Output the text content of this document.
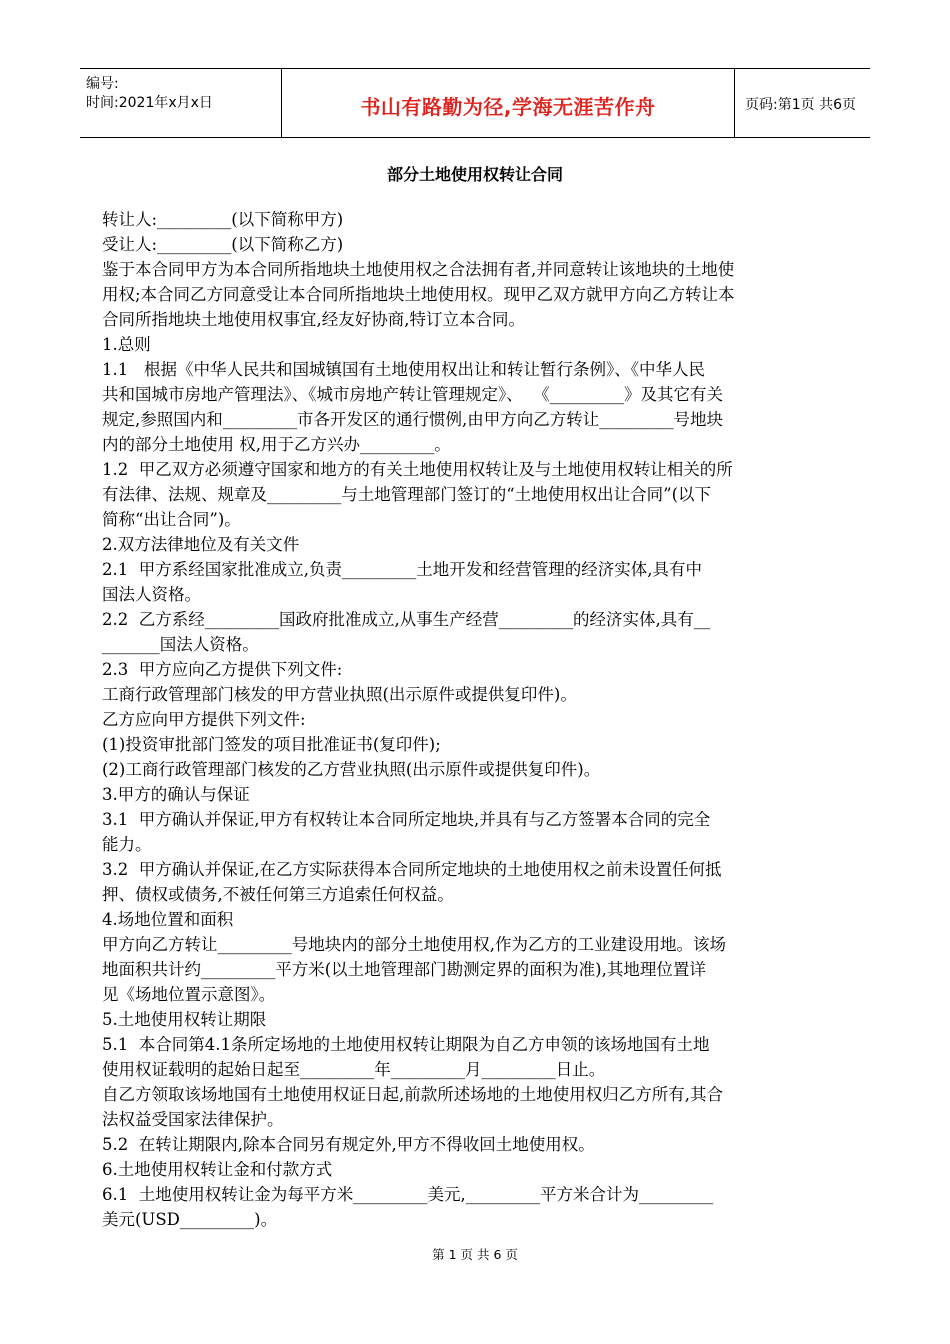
编号:
时间:2021年x月x日	书山有路勤为径,学海无涯苦作舟	页码:第1页 共6页
部分土地使用权转让合同

转让人:_________(以下简称甲方)

受让人:_________(以下简称乙方)

鉴于本合同甲方为本合同所指地块土地使用权之合法拥有者,并同意转让该地块的土地使

用权;本合同乙方同意受让本合同所指地块土地使用权。现甲乙双方就甲方向乙方转让本

合同所指地块土地使用权事宜,经友好协商,特订立本合同。

1.总则

1.1   根据《中华人民共和国城镇国有土地使用权出让和转让暂行条例》、《中华人民

共和国城市房地产管理法》、《城市房地产转让管理规定》、  《_________》及其它有关

规定,参照国内和_________市各开发区的通行惯例,由甲方向乙方转让_________号地块

内的部分土地使用 权,用于乙方兴办_________。

1.2  甲乙双方必须遵守国家和地方的有关土地使用权转让及与土地使用权转让相关的所

有法律、法规、规章及_________与土地管理部门签订的“土地使用权出让合同”(以下

简称“出让合同”)。

2.双方法律地位及有关文件

2.1  甲方系经国家批准成立,负责_________土地开发和经营管理的经济实体,具有中

国法人资格。

2.2  乙方系经_________国政府批准成立,从事生产经营_________的经济实体,具有__

_______国法人资格。

2.3  甲方应向乙方提供下列文件:

工商行政管理部门核发的甲方营业执照(出示原件或提供复印件)。

乙方应向甲方提供下列文件:

(1)投资审批部门签发的项目批准证书(复印件);

(2)工商行政管理部门核发的乙方营业执照(出示原件或提供复印件)。

3.甲方的确认与保证

3.1  甲方确认并保证,甲方有权转让本合同所定地块,并具有与乙方签署本合同的完全

能力。

3.2  甲方确认并保证,在乙方实际获得本合同所定地块的土地使用权之前未设置任何抵

押、债权或债务,不被任何第三方追索任何权益。

4.场地位置和面积

甲方向乙方转让_________号地块内的部分土地使用权,作为乙方的工业建设用地。该场

地面积共计约_________平方米(以土地管理部门勘测定界的面积为准),其地理位置详

见《场地位置示意图》。

5.土地使用权转让期限

5.1  本合同第4.1条所定场地的土地使用权转让期限为自乙方申领的该场地国有土地

使用权证载明的起始日起至_________年_________月_________日止。

自乙方领取该场地国有土地使用权证日起,前款所述场地的土地使用权归乙方所有,其合

法权益受国家法律保护。

5.2  在转让期限内,除本合同另有规定外,甲方不得收回土地使用权。

6.土地使用权转让金和付款方式

6.1  土地使用权转让金为每平方米_________美元,_________平方米合计为_________

美元(USD_________)。

第 1 页 共 6 页
